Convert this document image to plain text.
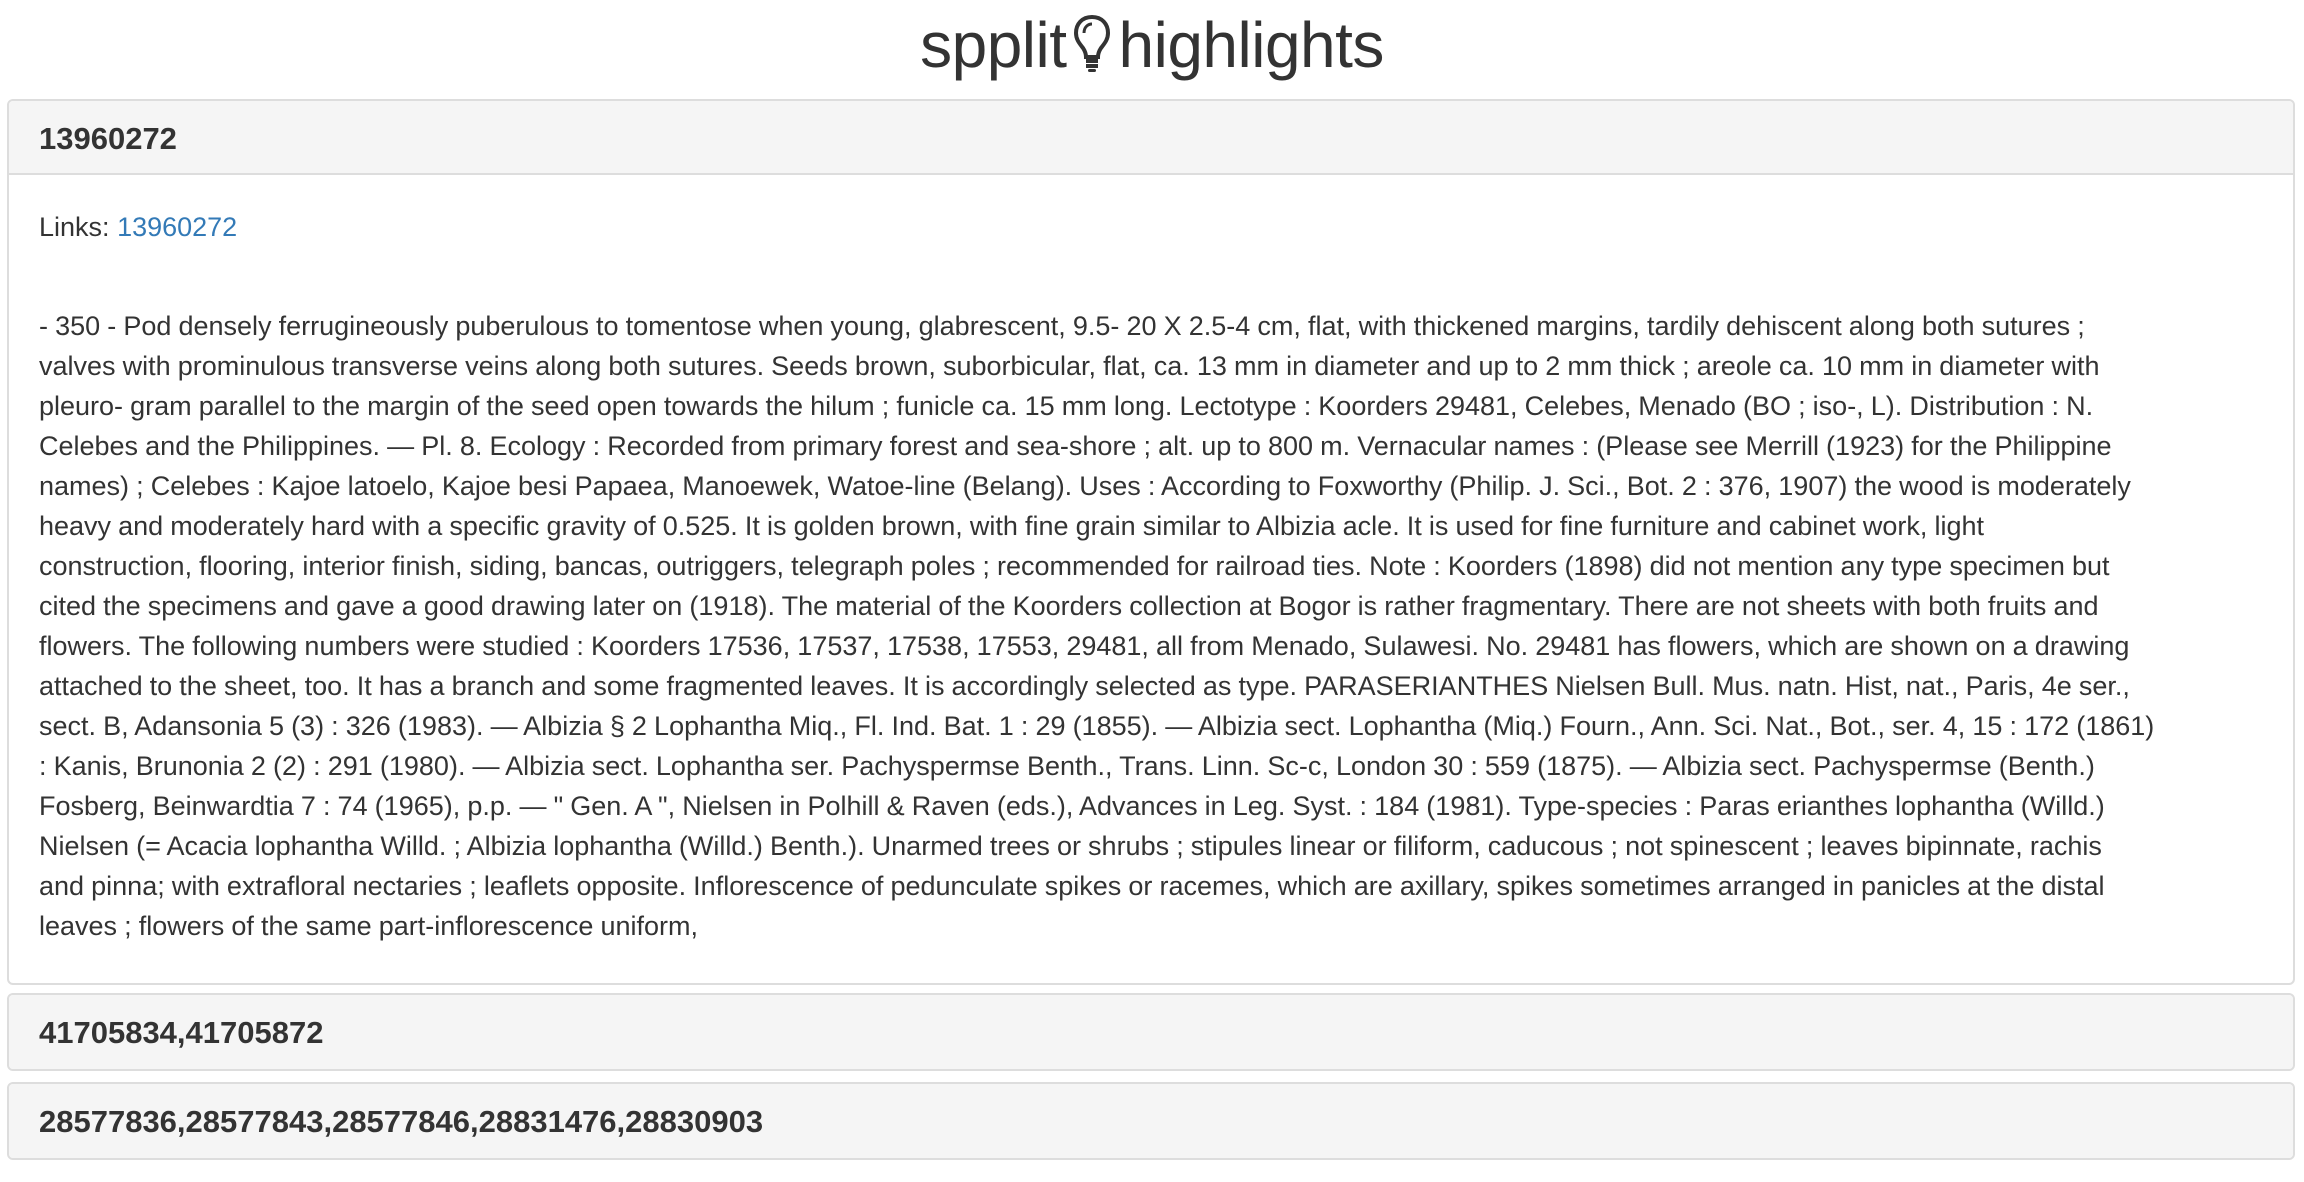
spplit highlights
13960272
Links: 13960272
- 350 - Pod densely ferrugineously puberulous to tomentose when young, glabrescent, 9.5- 20 X 2.5-4 cm, flat, with thickened margins, tardily dehiscent along both sutures ;
valves with prominulous transverse veins along both sutures. Seeds brown, suborbicular, flat, ca. 13 mm in diameter and up to 2 mm thick ; areole ca. 10 mm in diameter with
pleuro- gram parallel to the margin of the seed open towards the hilum ; funicle ca. 15 mm long. Lectotype : Koorders 29481, Celebes, Menado (BO ; iso-, L). Distribution : N.
Celebes and the Philippines. — Pl. 8. Ecology : Recorded from primary forest and sea-shore ; alt. up to 800 m. Vernacular names : (Please see Merrill (1923) for the Philippine
names) ; Celebes : Kajoe latoelo, Kajoe besi Papaea, Manoewek, Watoe-line (Belang). Uses : According to Foxworthy (Philip. J. Sci., Bot. 2 : 376, 1907) the wood is moderately
heavy and moderately hard with a specific gravity of 0.525. It is golden brown, with fine grain similar to Albizia acle. It is used for fine furniture and cabinet work, light
construction, flooring, interior finish, siding, bancas, outriggers, telegraph poles ; recommended for railroad ties. Note : Koorders (1898) did not mention any type specimen but
cited the specimens and gave a good drawing later on (1918). The material of the Koorders collection at Bogor is rather fragmentary. There are not sheets with both fruits and
flowers. The following numbers were studied : Koorders 17536, 17537, 17538, 17553, 29481, all from Menado, Sulawesi. No. 29481 has flowers, which are shown on a drawing
attached to the sheet, too. It has a branch and some fragmented leaves. It is accordingly selected as type. PARASERIANTHES Nielsen Bull. Mus. natn. Hist, nat., Paris, 4e ser.,
sect. B, Adansonia 5 (3) : 326 (1983). — Albizia § 2 Lophantha Miq., Fl. Ind. Bat. 1 : 29 (1855). — Albizia sect. Lophantha (Miq.) Fourn., Ann. Sci. Nat., Bot., ser. 4, 15 : 172 (1861)
: Kanis, Brunonia 2 (2) : 291 (1980). — Albizia sect. Lophantha ser. Pachyspermse Benth., Trans. Linn. Sc-c, London 30 : 559 (1875). — Albizia sect. Pachyspermse (Benth.)
Fosberg, Beinwardtia 7 : 74 (1965), p.p. — " Gen. A ", Nielsen in Polhill & Raven (eds.), Advances in Leg. Syst. : 184 (1981). Type-species : Paras erianthes lophantha (Willd.)
Nielsen (= Acacia lophantha Willd. ; Albizia lophantha (Willd.) Benth.). Unarmed trees or shrubs ; stipules linear or filiform, caducous ; not spinescent ; leaves bipinnate, rachis
and pinna; with extrafloral nectaries ; leaflets opposite. Inflorescence of pedunculate spikes or racemes, which are axillary, spikes sometimes arranged in panicles at the distal
leaves ; flowers of the same part-inflorescence uniform,
41705834,41705872
28577836,28577843,28577846,28831476,28830903
